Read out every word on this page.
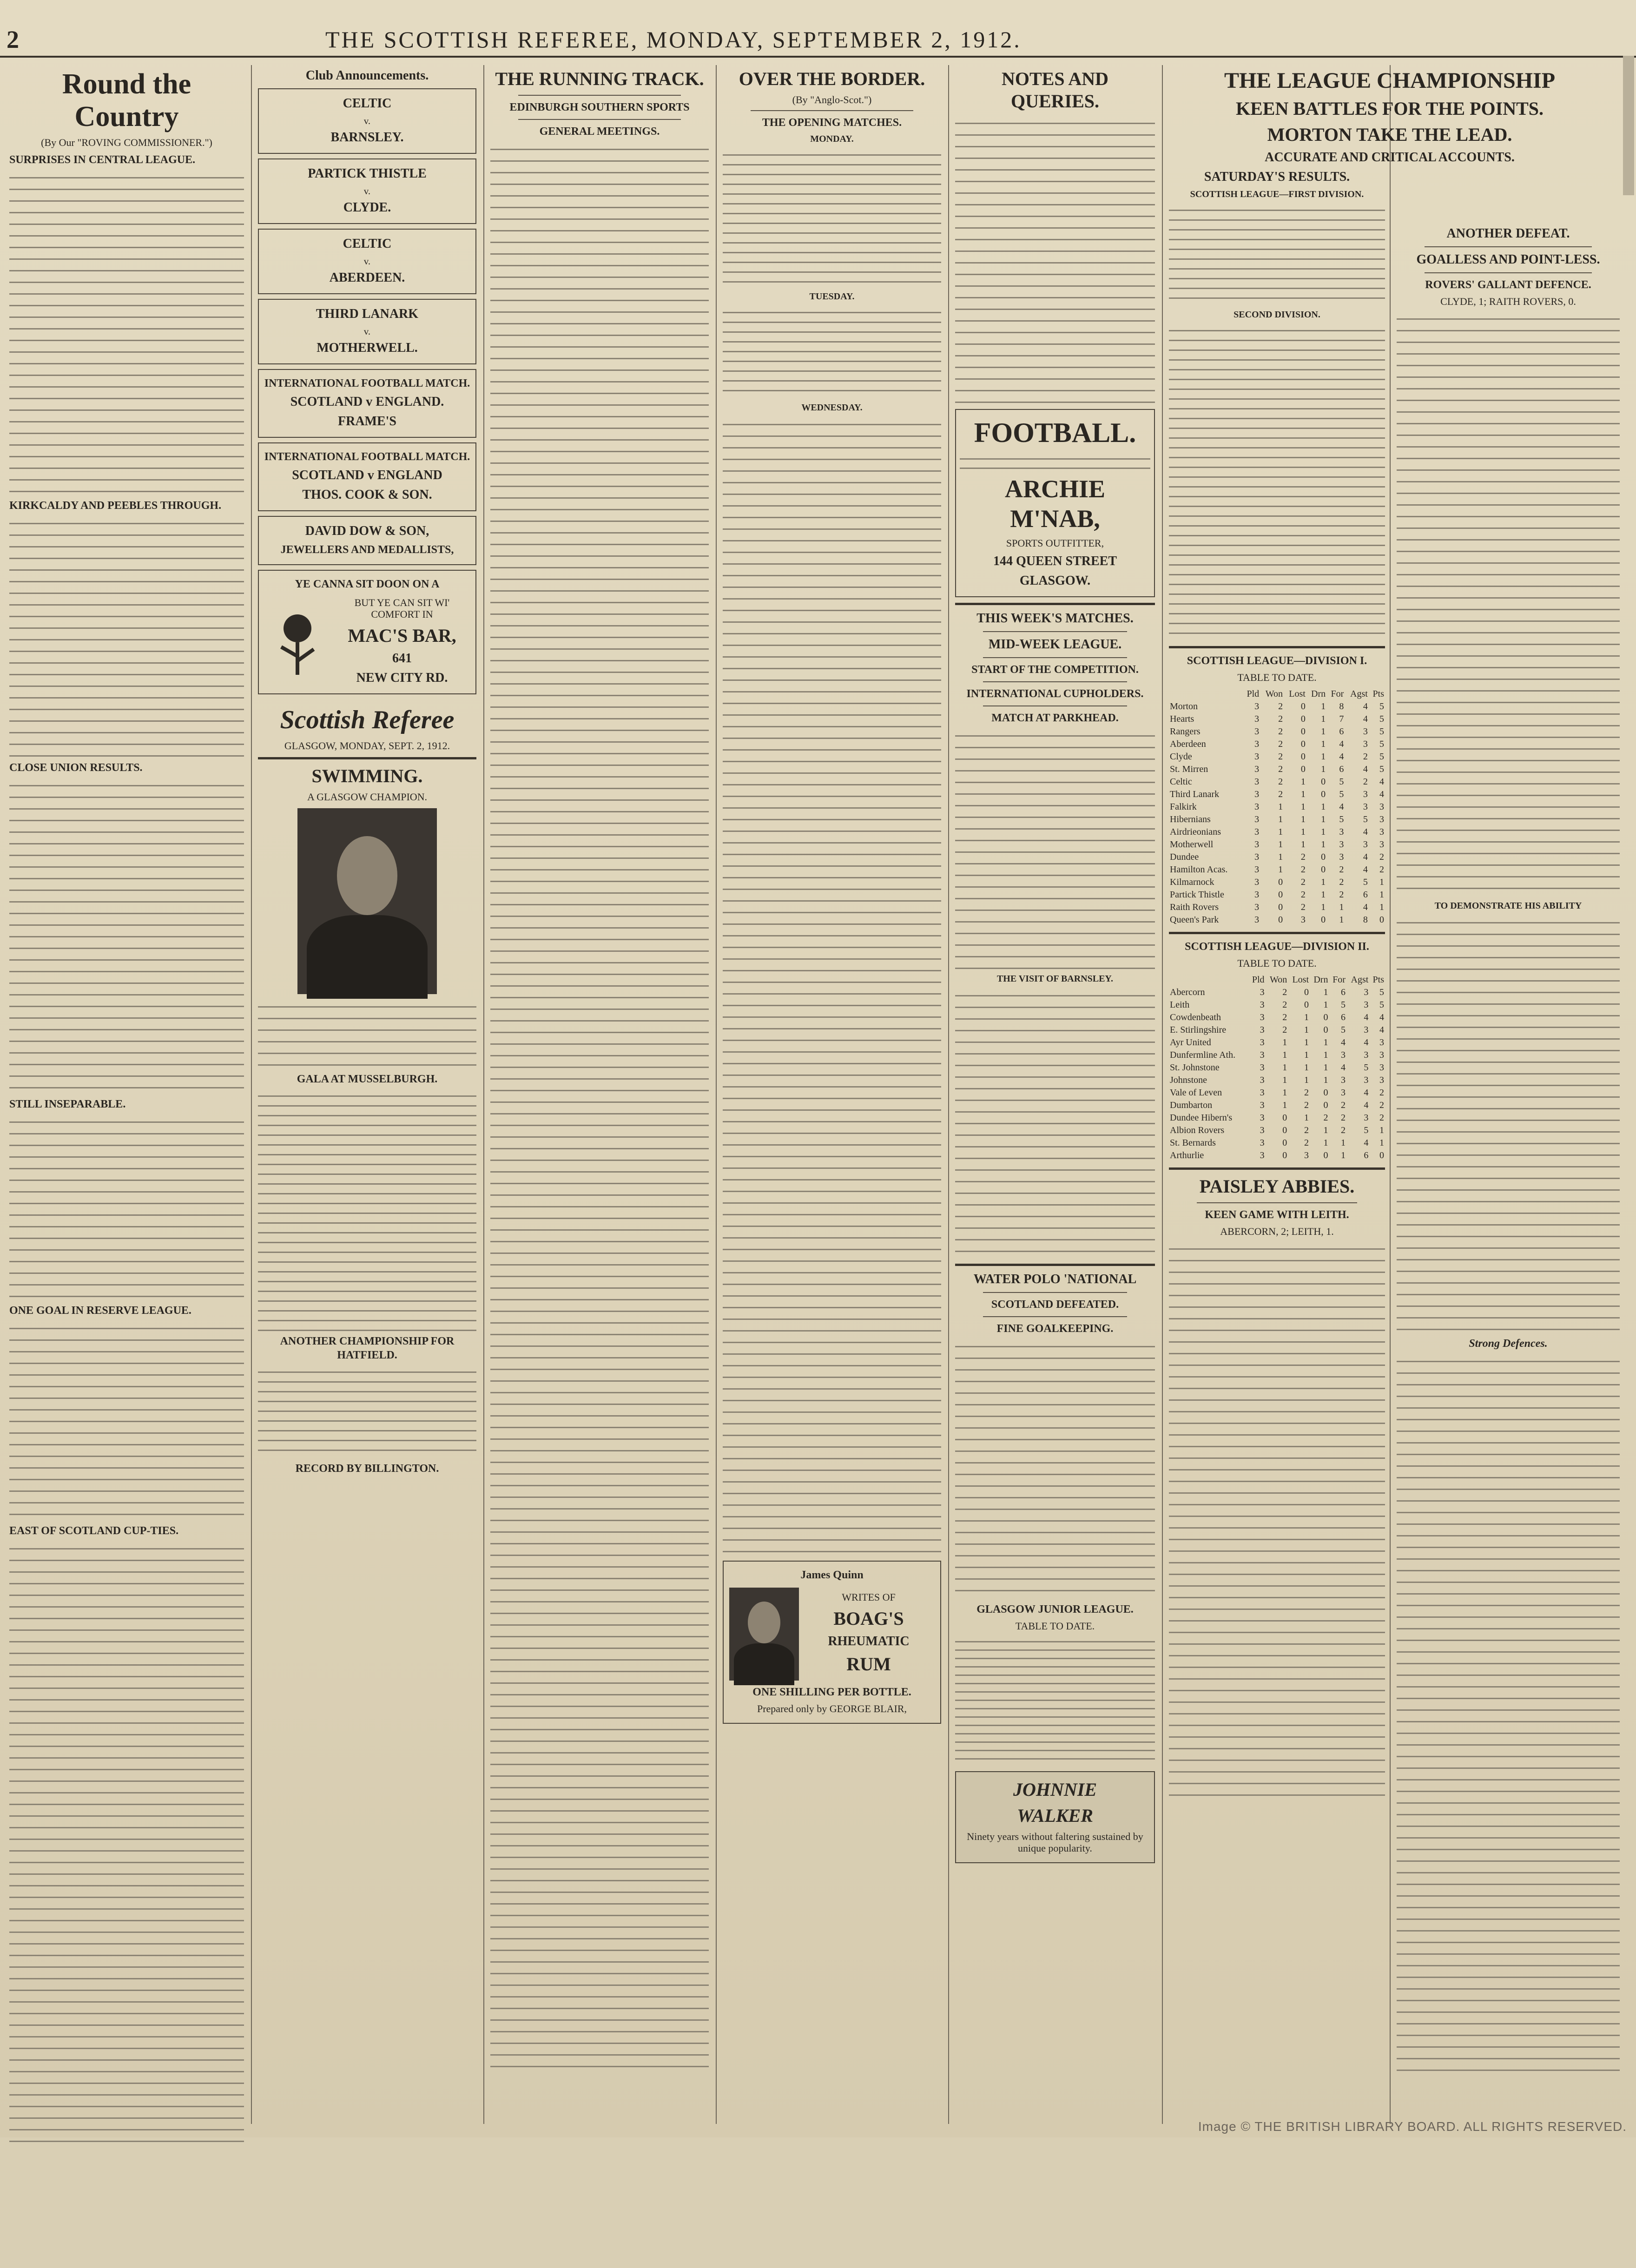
2	THE SCOTTISH REFEREE, MONDAY, SEPTEMBER 2, 1912.
Round the Country
(By Our "ROVING COMMISSIONER.")
SURPRISES IN CENTRAL LEAGUE.
KIRKCALDY AND PEEBLES THROUGH.
CLOSE UNION RESULTS.
STILL INSEPARABLE.
ONE GOAL IN RESERVE LEAGUE.
EAST OF SCOTLAND CUP-TIES.
Club Announcements.
CELTIC
v.
BARNSLEY.
PARTICK THISTLE
v.
CLYDE.
CELTIC
v.
ABERDEEN.
THIRD LANARK
v.
MOTHERWELL.
INTERNATIONAL FOOTBALL MATCH.
SCOTLAND v ENGLAND.
FRAME'S
INTERNATIONAL FOOTBALL MATCH.
SCOTLAND v ENGLAND
THOS. COOK & SON.
DAVID DOW & SON,
JEWELLERS AND MEDALLISTS,
YE CANNA SIT DOON ON A
BUT YE CAN SIT WI' COMFORT IN
MAC'S BAR,
641
NEW CITY RD.
Scottish Referee
GLASGOW, MONDAY, SEPT. 2, 1912.
SWIMMING.
A GLASGOW CHAMPION.
GALA AT MUSSELBURGH.
ANOTHER CHAMPIONSHIP FOR HATFIELD.
RECORD BY BILLINGTON.
THE RUNNING TRACK.
EDINBURGH SOUTHERN SPORTS
GENERAL MEETINGS.
OVER THE BORDER.
(By "Anglo-Scot.")
THE OPENING MATCHES.
MONDAY.
TUESDAY.
WEDNESDAY.
James Quinn
WRITES OF
BOAG'S
RHEUMATIC
RUM
ONE SHILLING PER BOTTLE.
Prepared only by GEORGE BLAIR,
NOTES AND QUERIES.
FOOTBALL.
ARCHIE M'NAB,
SPORTS OUTFITTER,
144 QUEEN STREET
GLASGOW.
THIS WEEK'S MATCHES.
MID-WEEK LEAGUE.
START OF THE COMPETITION.
INTERNATIONAL CUPHOLDERS.
MATCH AT PARKHEAD.
THE VISIT OF BARNSLEY.
WATER POLO 'NATIONAL
SCOTLAND DEFEATED.
FINE GOALKEEPING.
GLASGOW JUNIOR LEAGUE.
TABLE TO DATE.
JOHNNIE
WALKER
Ninety years without faltering sustained by unique popularity.
THE LEAGUE CHAMPIONSHIP
KEEN BATTLES FOR THE POINTS.
MORTON TAKE THE LEAD.
ACCURATE AND CRITICAL ACCOUNTS.
SATURDAY'S RESULTS.
SCOTTISH LEAGUE—FIRST DIVISION.
SECOND DIVISION.
SCOTTISH LEAGUE—DIVISION I.
TABLE TO DATE.
	Pld	Won	Lost	Drn	For	Agst	Pts
Morton	3	2	0	1	8	4	5
Hearts	3	2	0	1	7	4	5
Rangers	3	2	0	1	6	3	5
Aberdeen	3	2	0	1	4	3	5
Clyde	3	2	0	1	4	2	5
St. Mirren	3	2	0	1	6	4	5
Celtic	3	2	1	0	5	2	4
Third Lanark	3	2	1	0	5	3	4
Falkirk	3	1	1	1	4	3	3
Hibernians	3	1	1	1	5	5	3
Airdrieonians	3	1	1	1	3	4	3
Motherwell	3	1	1	1	3	3	3
Dundee	3	1	2	0	3	4	2
Hamilton Acas.	3	1	2	0	2	4	2
Kilmarnock	3	0	2	1	2	5	1
Partick Thistle	3	0	2	1	2	6	1
Raith Rovers	3	0	2	1	1	4	1
Queen's Park	3	0	3	0	1	8	0
SCOTTISH LEAGUE—DIVISION II.
TABLE TO DATE.
	Pld	Won	Lost	Drn	For	Agst	Pts
Abercorn	3	2	0	1	6	3	5
Leith	3	2	0	1	5	3	5
Cowdenbeath	3	2	1	0	6	4	4
E. Stirlingshire	3	2	1	0	5	3	4
Ayr United	3	1	1	1	4	4	3
Dunfermline Ath.	3	1	1	1	3	3	3
St. Johnstone	3	1	1	1	4	5	3
Johnstone	3	1	1	1	3	3	3
Vale of Leven	3	1	2	0	3	4	2
Dumbarton	3	1	2	0	2	4	2
Dundee Hibern's	3	0	1	2	2	3	2
Albion Rovers	3	0	2	1	2	5	1
St. Bernards	3	0	2	1	1	4	1
Arthurlie	3	0	3	0	1	6	0
PAISLEY ABBIES.
KEEN GAME WITH LEITH.
ABERCORN, 2; LEITH, 1.
ANOTHER DEFEAT.
GOALLESS AND POINT-LESS.
ROVERS' GALLANT DEFENCE.
CLYDE, 1; RAITH ROVERS, 0.
TO DEMONSTRATE HIS ABILITY
Strong Defences.
Image © THE BRITISH LIBRARY BOARD. ALL RIGHTS RESERVED.
